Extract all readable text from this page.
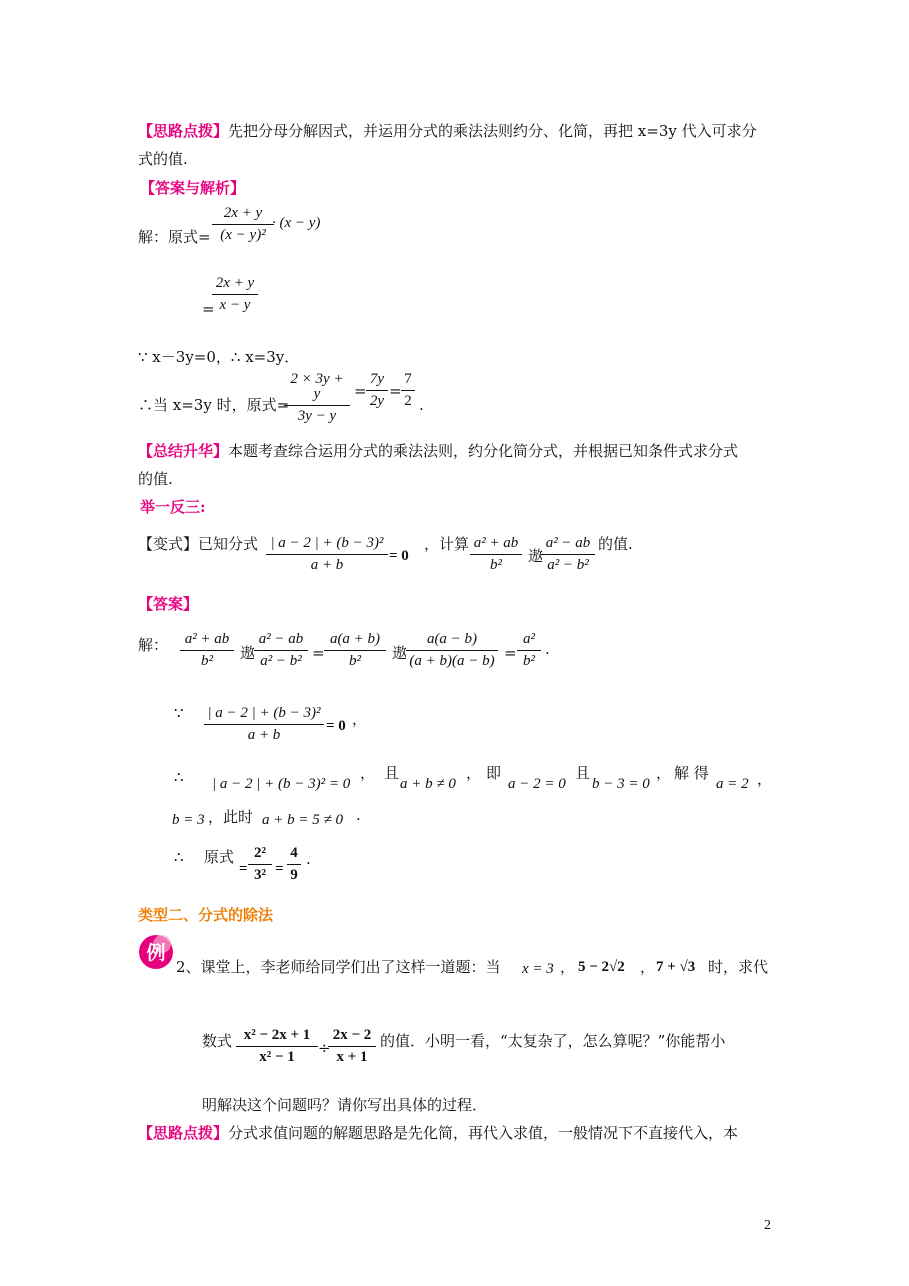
【思路点拨】先把分母分解因式，并运用分式的乘法法则约分、化简，再把 x=3y 代入可求分
式的值.
【答案与解析】
解：原式=
2x + y
(x − y)²
· (x − y)
=
2x + y
x − y
∵ x－3y=0，∴ x=3y．
∴当 x=3y 时，原式=
2 × 3y + y
3y − y
=
7y
2y
=
7
2 .
【总结升华】本题考查综合运用分式的乘法法则，约分化简分式，并根据已知条件式求分式
的值.
举一反三:
【变式】已知分式 | a − 2 | + (b − 3)²
a + b
= 0
，计算 a² + ab
b²	遨
a² − ab
a² − b²
的值.
【答案】
解：	a² + ab
b²	遨
a² − ab
a² − b² =
a(a + b)
b²	遨
a(a − b)
(a + b)(a − b) =
a²
b² ·
∵ | a − 2 | + (b − 3)²
a + b
= 0 ，
∴ | a − 2 | + (b − 3)² = 0
， 且
a + b ≠ 0
， 即
a − 2 = 0
且
b − 3 = 0
， 解 得
a = 2 ，
b = 3 ，此时 a + b = 5 ≠ 0 ·
∴ 原式	2²
3²
= =
4
9
.
类型二、分式的除法
例
2、课堂上，李老师给同学们出了这样一道题：当 x = 3 ， 5 − 2√2 ， 7 + √3 时，求代
数式 x² − 2x + 1
x² − 1	÷
2x − 2
x + 1
的值．小明一看，“太复杂了，怎么算呢？”你能帮小
明解决这个问题吗？请你写出具体的过程．
【思路点拨】分式求值问题的解题思路是先化简，再代入求值，一般情况下不直接代入，本
2
